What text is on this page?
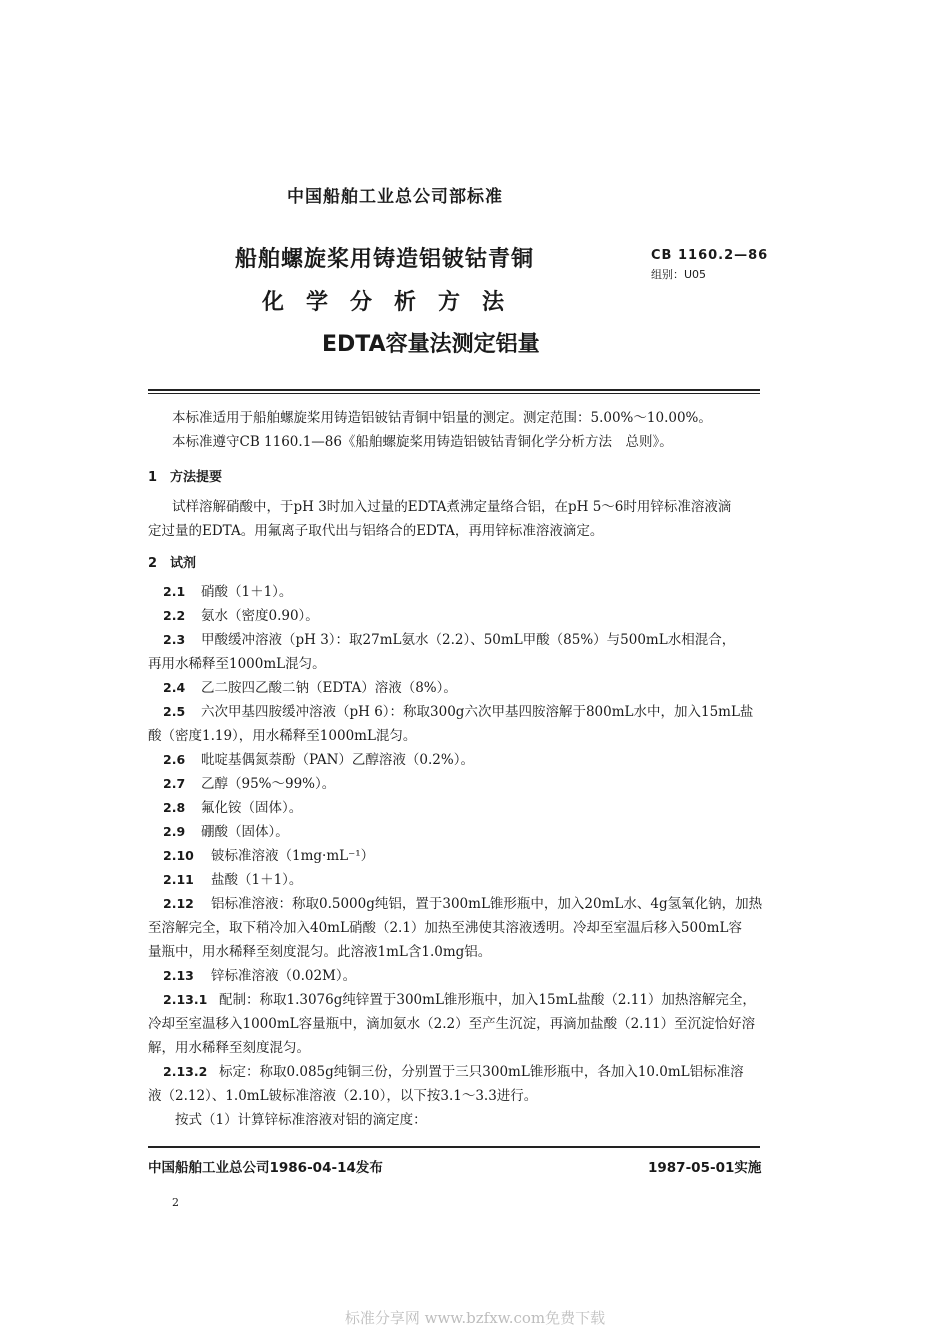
中国船舶工业总公司部标准
船舶螺旋桨用铸造铝铍钴青铜
化学分析方法
EDTA容量法测定铝量
CB 1160.2—86
组别：U05
本标准适用于船舶螺旋桨用铸造铝铍钴青铜中铝量的测定。测定范围：5.00%～10.00%。
本标准遵守CB 1160.1—86《船舶螺旋桨用铸造铝铍钴青铜化学分析方法　总则》。
1　方法提要
试样溶解硝酸中，于pH 3时加入过量的EDTA煮沸定量络合铝，在pH 5～6时用锌标准溶液滴
定过量的EDTA。用氟离子取代出与铝络合的EDTA，再用锌标准溶液滴定。
2　试剂
2.1 硝酸（1＋1）。
2.2 氨水（密度0.90）。
2.3 甲酸缓冲溶液（pH 3）：取27mL氨水（2.2）、50mL甲酸（85%）与500mL水相混合，
再用水稀释至1000mL混匀。
2.4 乙二胺四乙酸二钠（EDTA）溶液（8%）。
2.5 六次甲基四胺缓冲溶液（pH 6）：称取300g六次甲基四胺溶解于800mL水中，加入15mL盐
酸（密度1.19），用水稀释至1000mL混匀。
2.6 吡啶基偶氮萘酚（PAN）乙醇溶液（0.2%）。
2.7 乙醇（95%～99%）。
2.8 氟化铵（固体）。
2.9 硼酸（固体）。
2.10 铍标准溶液（1mg·mL⁻¹）
2.11 盐酸（1＋1）。
2.12 铝标准溶液：称取0.5000g纯铝，置于300mL锥形瓶中，加入20mL水、4g氢氧化钠，加热
至溶解完全，取下稍冷加入40mL硝酸（2.1）加热至沸使其溶液透明。冷却至室温后移入500mL容
量瓶中，用水稀释至刻度混匀。此溶液1mL含1.0mg铝。
2.13 锌标准溶液（0.02M）。
2.13.1 配制：称取1.3076g纯锌置于300mL锥形瓶中，加入15mL盐酸（2.11）加热溶解完全，
冷却至室温移入1000mL容量瓶中，滴加氨水（2.2）至产生沉淀，再滴加盐酸（2.11）至沉淀恰好溶
解，用水稀释至刻度混匀。
2.13.2 标定：称取0.085g纯铜三份，分别置于三只300mL锥形瓶中，各加入10.0mL铝标准溶
液（2.12）、1.0mL铍标准溶液（2.10），以下按3.1～3.3进行。
按式（1）计算锌标准溶液对铝的滴定度：
中国船舶工业总公司1986-04-14发布	1987-05-01实施
2
标准分享网 www.bzfxw.com免费下载
